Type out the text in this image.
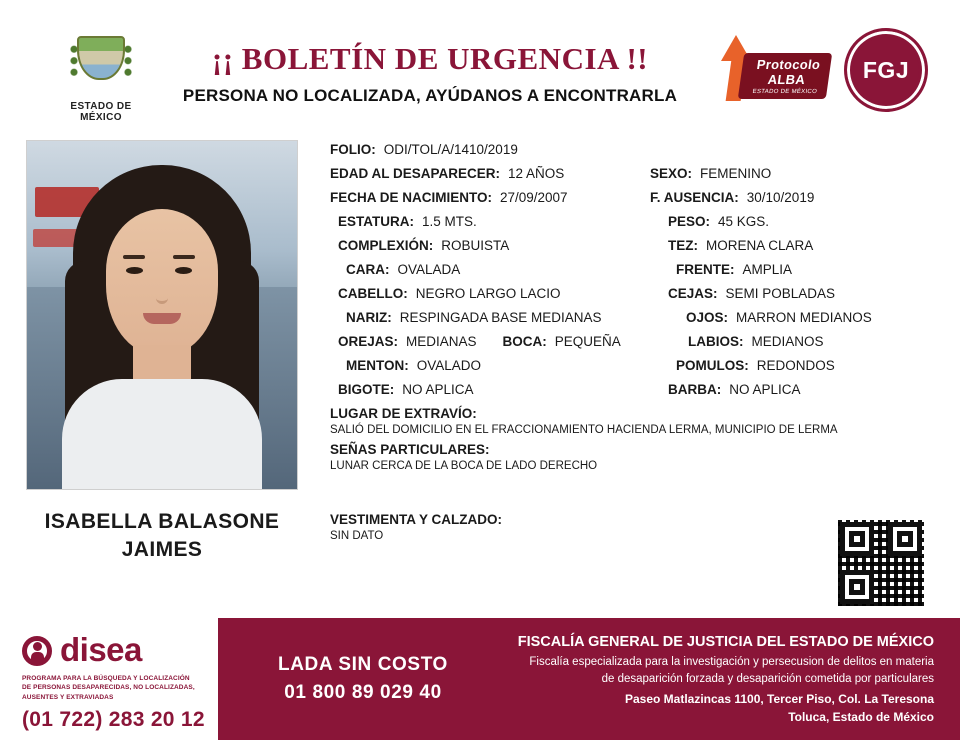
ESTADO DE MÉXICO
¡¡ BOLETÍN DE URGENCIA !!
PERSONA NO LOCALIZADA, AYÚDANOS A ENCONTRARLA
Protocolo
ALBA
ESTADO DE MÉXICO
FGJ
ISABELLA BALASONE
JAIMES
FOLIO: ODI/TOL/A/1410/2019
EDAD AL DESAPARECER: 12 AÑOS	SEXO: FEMENINO
FECHA DE NACIMIENTO: 27/09/2007	F. AUSENCIA: 30/10/2019
ESTATURA: 1.5 MTS.	PESO: 45 KGS.
COMPLEXIÓN: ROBUISTA	TEZ: MORENA CLARA
CARA: OVALADA	FRENTE: AMPLIA
CABELLO: NEGRO LARGO LACIO	CEJAS: SEMI POBLADAS
NARIZ: RESPINGADA BASE MEDIANAS	OJOS: MARRON MEDIANOS
OREJAS: MEDIANAS BOCA: PEQUEÑA	LABIOS: MEDIANOS
MENTON: OVALADO	POMULOS: REDONDOS
BIGOTE: NO APLICA	BARBA: NO APLICA
LUGAR DE EXTRAVÍO:
SALIÓ DEL DOMICILIO EN EL FRACCIONAMIENTO HACIENDA LERMA, MUNICIPIO DE LERMA
SEÑAS PARTICULARES:
LUNAR CERCA DE LA BOCA DE LADO DERECHO
VESTIMENTA Y CALZADO:
SIN DATO
disea
PROGRAMA PARA LA BÚSQUEDA Y LOCALIZACIÓN
DE PERSONAS DESAPARECIDAS, NO LOCALIZADAS,
AUSENTES Y EXTRAVIADAS
(01 722) 283 20 12
LADA SIN COSTO
01 800 89 029 40
FISCALÍA GENERAL DE JUSTICIA DEL ESTADO DE MÉXICO
Fiscalía especializada para la investigación y persecusion de delitos en materia
de desaparición forzada y desaparición cometida por particulares
Paseo Matlazincas 1100, Tercer Piso, Col. La Teresona
Toluca, Estado de México
